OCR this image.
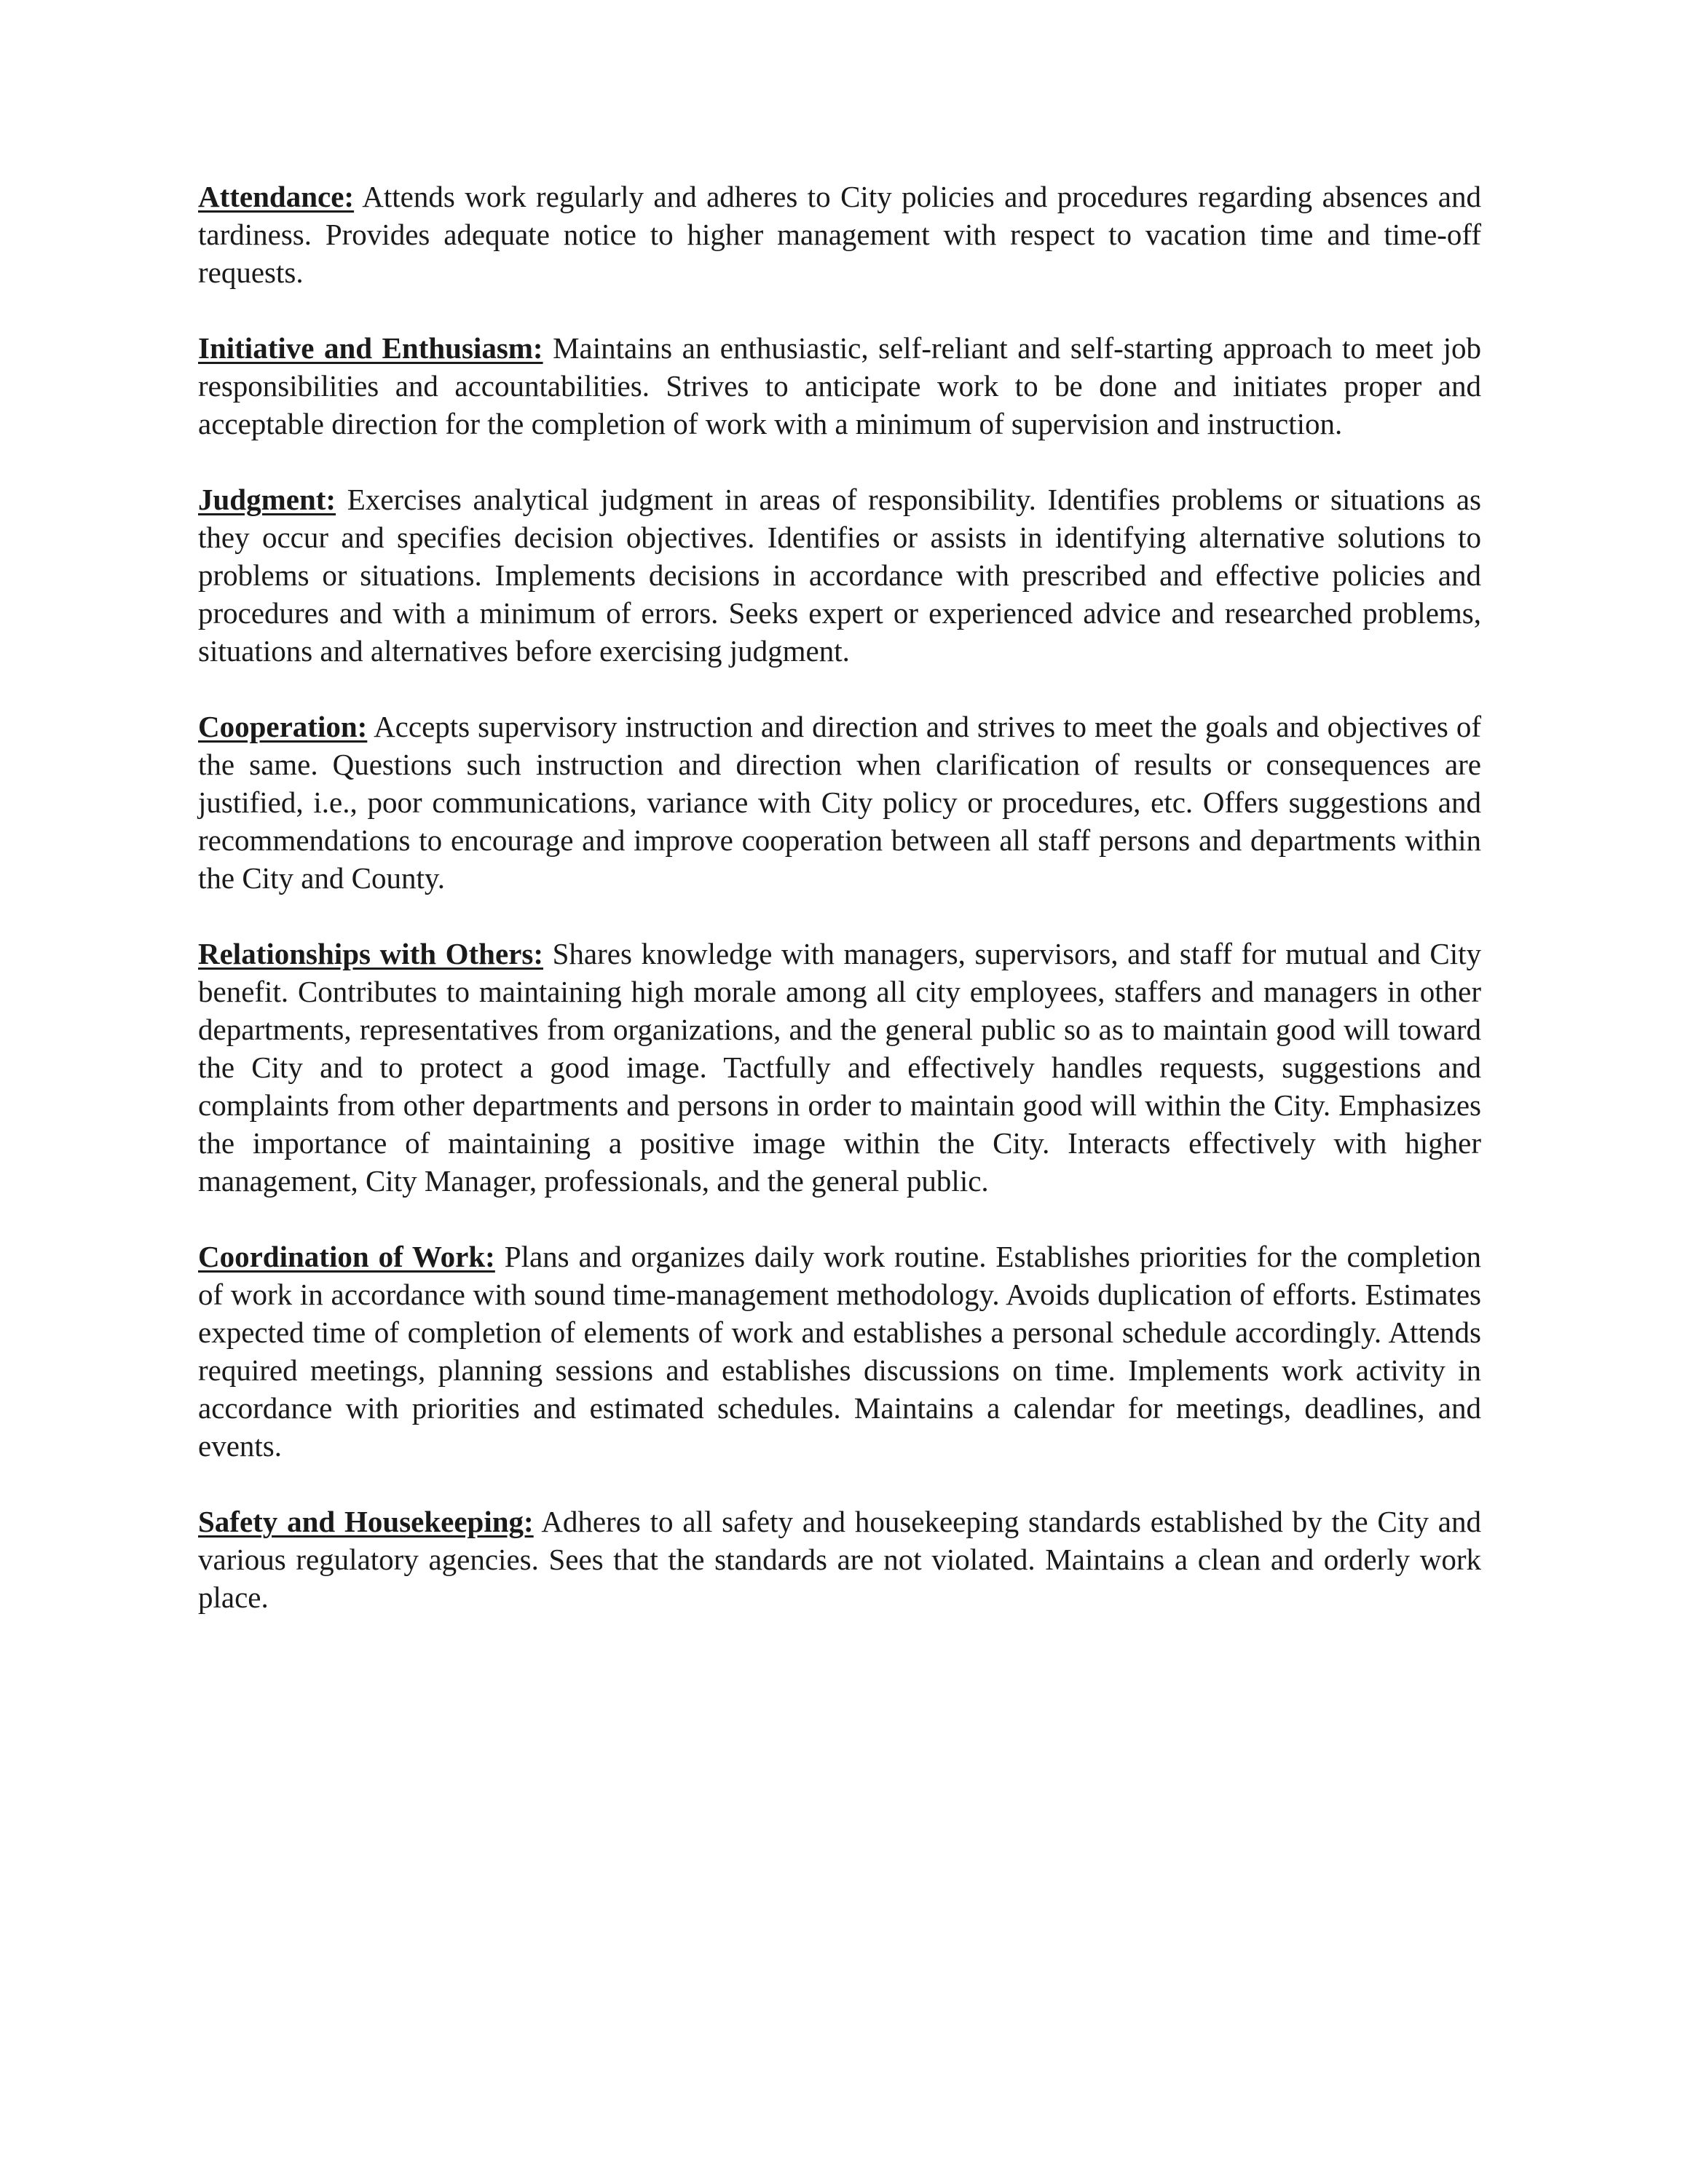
Attendance: Attends work regularly and adheres to City policies and procedures regarding absences and tardiness. Provides adequate notice to higher management with respect to vacation time and time-off requests.

Initiative and Enthusiasm: Maintains an enthusiastic, self-reliant and self-starting approach to meet job responsibilities and accountabilities. Strives to anticipate work to be done and initiates proper and acceptable direction for the completion of work with a minimum of supervision and instruction.

Judgment: Exercises analytical judgment in areas of responsibility. Identifies problems or situations as they occur and specifies decision objectives. Identifies or assists in identifying alternative solutions to problems or situations. Implements decisions in accordance with prescribed and effective policies and procedures and with a minimum of errors. Seeks expert or experienced advice and researched problems, situations and alternatives before exercising judgment.

Cooperation: Accepts supervisory instruction and direction and strives to meet the goals and objectives of the same. Questions such instruction and direction when clarification of results or consequences are justified, i.e., poor communications, variance with City policy or procedures, etc. Offers suggestions and recommendations to encourage and improve cooperation between all staff persons and departments within the City and County.

Relationships with Others: Shares knowledge with managers, supervisors, and staff for mutual and City benefit. Contributes to maintaining high morale among all city employees, staffers and managers in other departments, representatives from organizations, and the general public so as to maintain good will toward the City and to protect a good image. Tactfully and effectively handles requests, suggestions and complaints from other departments and persons in order to maintain good will within the City. Emphasizes the importance of maintaining a positive image within the City. Interacts effectively with higher management, City Manager, professionals, and the general public.

Coordination of Work: Plans and organizes daily work routine. Establishes priorities for the completion of work in accordance with sound time-management methodology. Avoids duplication of efforts. Estimates expected time of completion of elements of work and establishes a personal schedule accordingly. Attends required meetings, planning sessions and establishes discussions on time. Implements work activity in accordance with priorities and estimated schedules. Maintains a calendar for meetings, deadlines, and events.

Safety and Housekeeping: Adheres to all safety and housekeeping standards established by the City and various regulatory agencies. Sees that the standards are not violated. Maintains a clean and orderly work place.
